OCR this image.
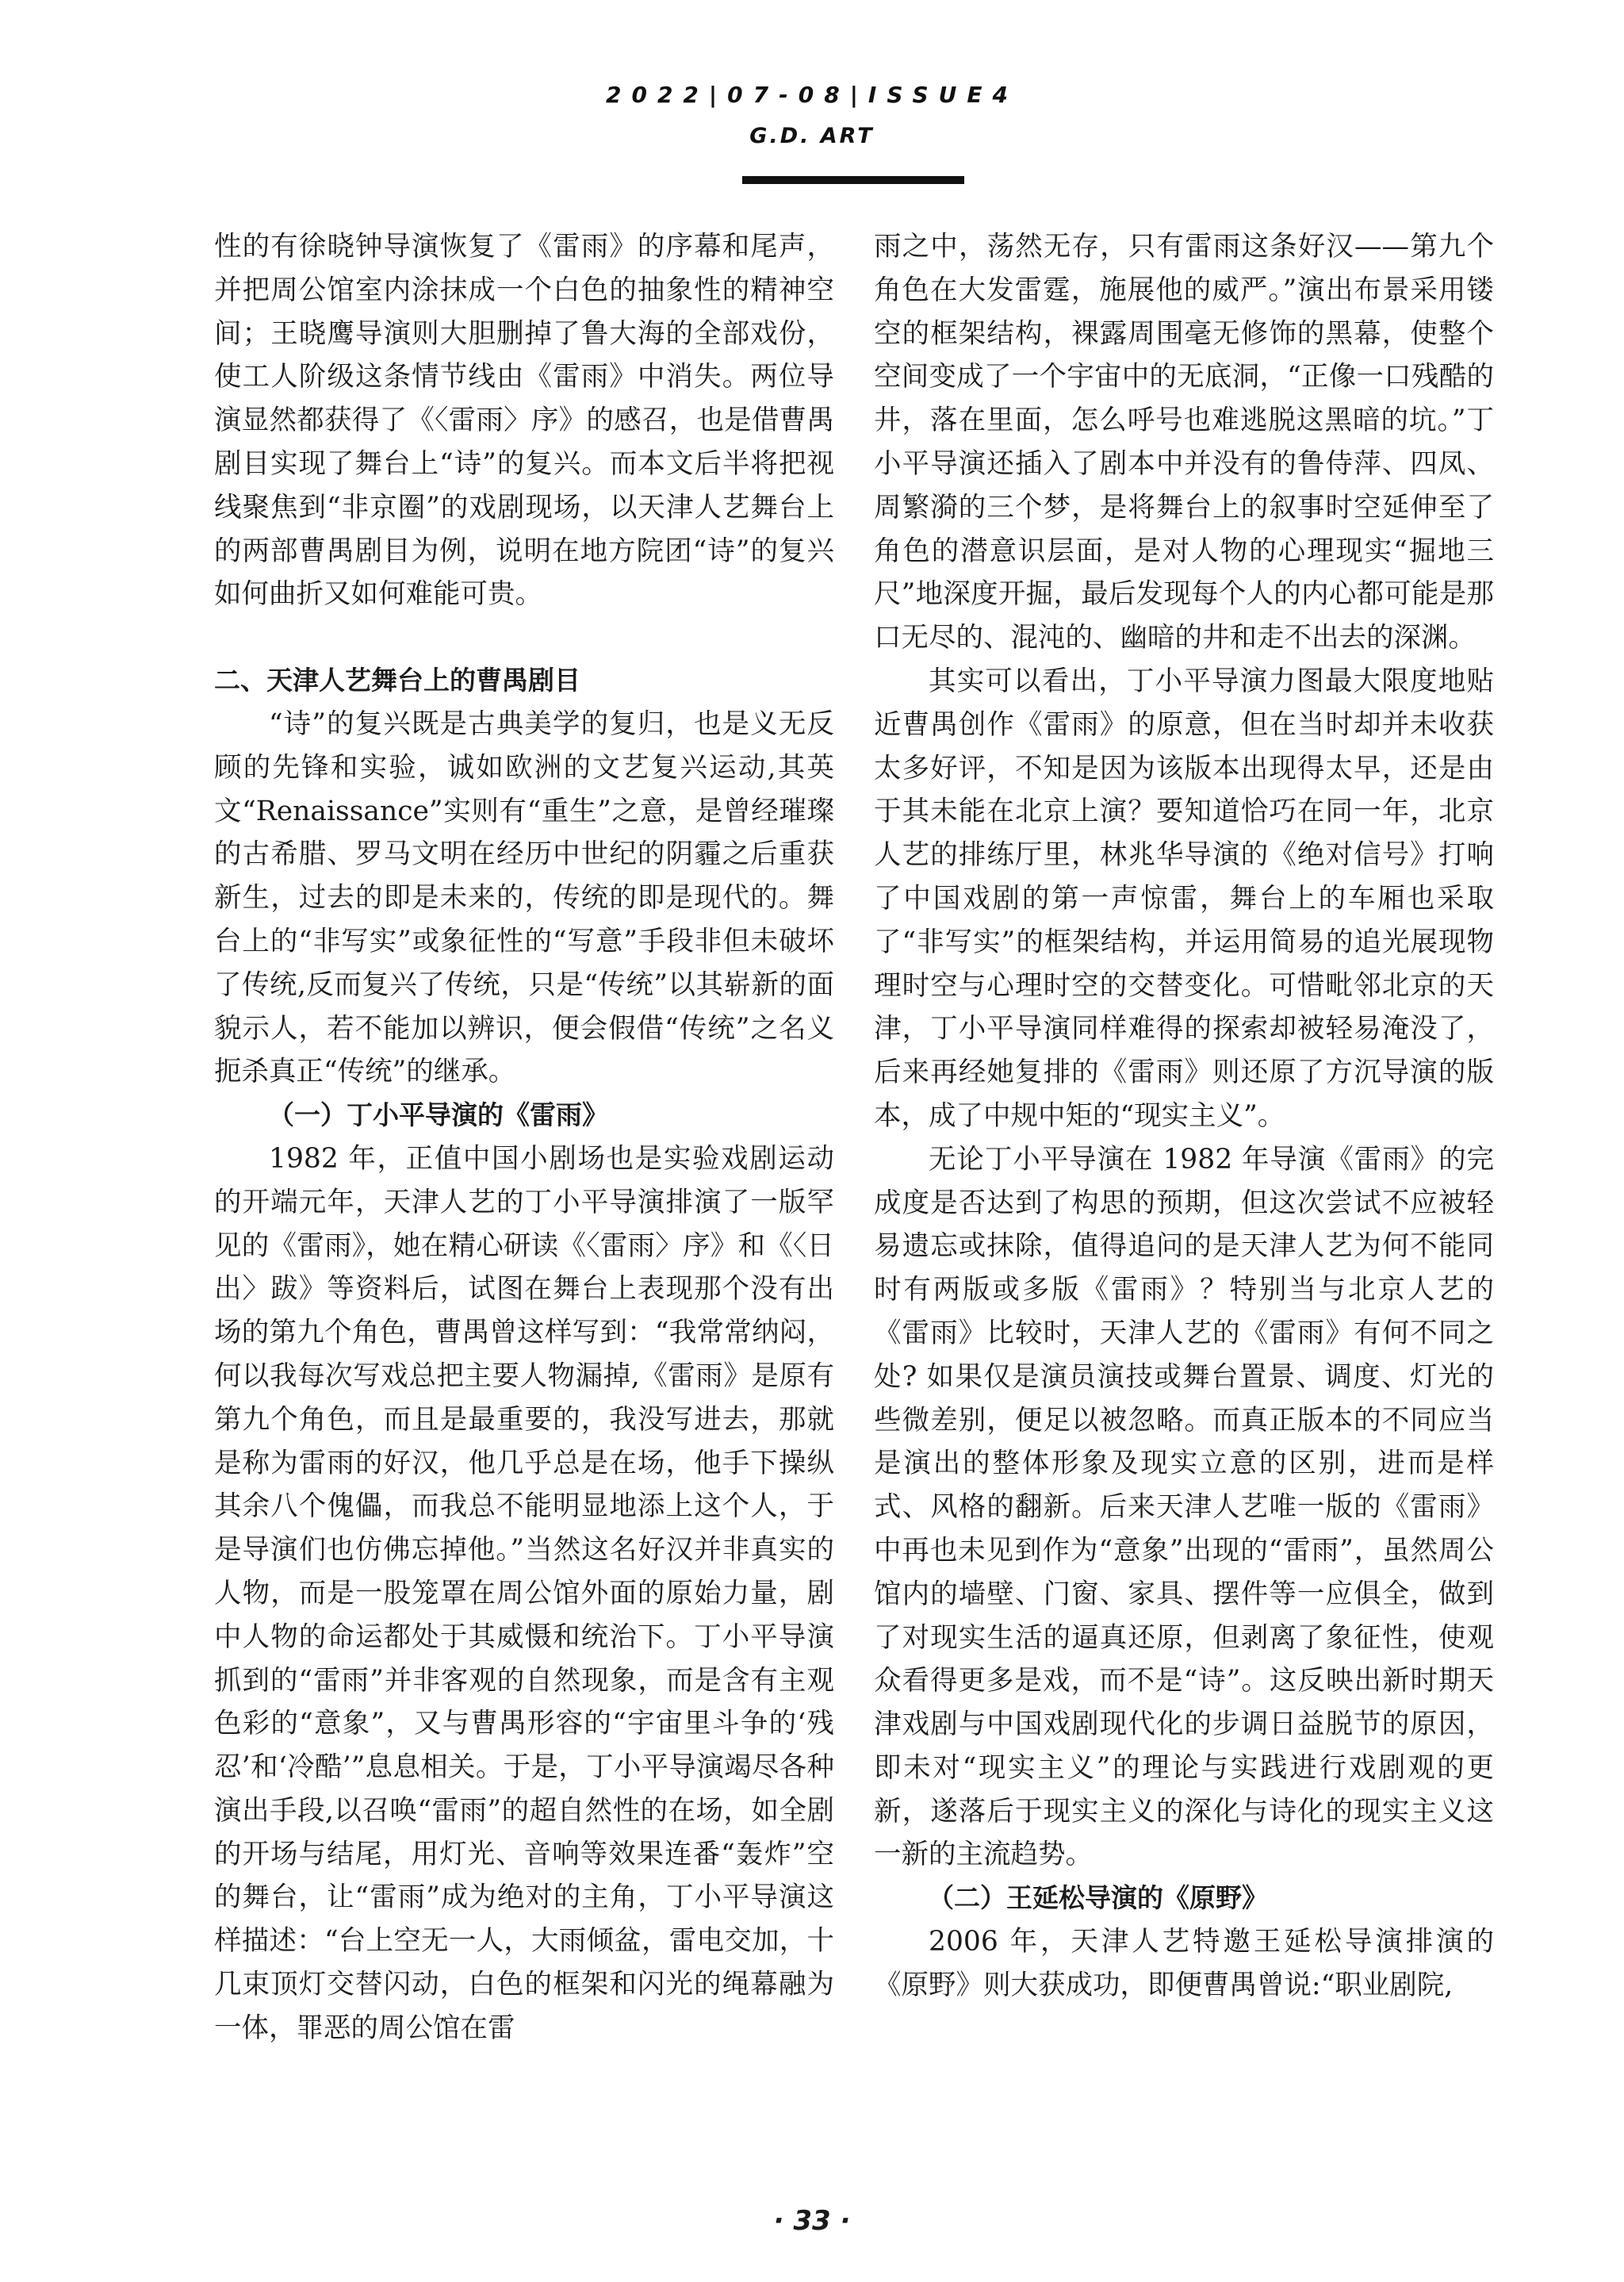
2022|07-08|ISSUE4
G.D. ART

性的有徐晓钟导演恢复了《雷雨》的序幕和尾声，并把周公馆室内涂抹成一个白色的抽象性的精神空间；王晓鹰导演则大胆删掉了鲁大海的全部戏份，使工人阶级这条情节线由《雷雨》中消失。两位导演显然都获得了《〈雷雨〉序》的感召，也是借曹禺剧目实现了舞台上“诗”的复兴。而本文后半将把视线聚焦到“非京圈”的戏剧现场，以天津人艺舞台上的两部曹禺剧目为例，说明在地方院团“诗”的复兴如何曲折又如何难能可贵。

二、天津人艺舞台上的曹禺剧目

“诗”的复兴既是古典美学的复归，也是义无反顾的先锋和实验，诚如欧洲的文艺复兴运动,其英文“Renaissance”实则有“重生”之意，是曾经璀璨的古希腊、罗马文明在经历中世纪的阴霾之后重获新生，过去的即是未来的，传统的即是现代的。舞台上的“非写实”或象征性的“写意”手段非但未破坏了传统,反而复兴了传统，只是“传统”以其崭新的面貌示人，若不能加以辨识，便会假借“传统”之名义扼杀真正“传统”的继承。

（一）丁小平导演的《雷雨》

1982 年，正值中国小剧场也是实验戏剧运动的开端元年，天津人艺的丁小平导演排演了一版罕见的《雷雨》，她在精心研读《〈雷雨〉序》和《〈日出〉跋》等资料后，试图在舞台上表现那个没有出场的第九个角色，曹禺曾这样写到：“我常常纳闷，何以我每次写戏总把主要人物漏掉,《雷雨》是原有第九个角色，而且是最重要的，我没写进去，那就是称为雷雨的好汉，他几乎总是在场，他手下操纵其余八个傀儡，而我总不能明显地添上这个人，于是导演们也仿佛忘掉他。”当然这名好汉并非真实的人物，而是一股笼罩在周公馆外面的原始力量，剧中人物的命运都处于其威慑和统治下。丁小平导演抓到的“雷雨”并非客观的自然现象，而是含有主观色彩的“意象”，又与曹禺形容的“宇宙里斗争的‘残忍’和‘冷酷’”息息相关。于是，丁小平导演竭尽各种演出手段,以召唤“雷雨”的超自然性的在场，如全剧的开场与结尾，用灯光、音响等效果连番“轰炸”空的舞台，让“雷雨”成为绝对的主角，丁小平导演这样描述：“台上空无一人，大雨倾盆，雷电交加，十几束顶灯交替闪动，白色的框架和闪光的绳幕融为一体，罪恶的周公馆在雷

雨之中，荡然无存，只有雷雨这条好汉——第九个角色在大发雷霆，施展他的威严。”演出布景采用镂空的框架结构，裸露周围毫无修饰的黑幕，使整个空间变成了一个宇宙中的无底洞，“正像一口残酷的井，落在里面，怎么呼号也难逃脱这黑暗的坑。”丁小平导演还插入了剧本中并没有的鲁侍萍、四凤、周繁漪的三个梦，是将舞台上的叙事时空延伸至了角色的潜意识层面，是对人物的心理现实“掘地三尺”地深度开掘，最后发现每个人的内心都可能是那口无尽的、混沌的、幽暗的井和走不出去的深渊。

其实可以看出，丁小平导演力图最大限度地贴近曹禺创作《雷雨》的原意，但在当时却并未收获太多好评，不知是因为该版本出现得太早，还是由于其未能在北京上演？要知道恰巧在同一年，北京人艺的排练厅里，林兆华导演的《绝对信号》打响了中国戏剧的第一声惊雷，舞台上的车厢也采取了“非写实”的框架结构，并运用简易的追光展现物理时空与心理时空的交替变化。可惜毗邻北京的天津，丁小平导演同样难得的探索却被轻易淹没了，后来再经她复排的《雷雨》则还原了方沉导演的版本，成了中规中矩的“现实主义”。

无论丁小平导演在 1982 年导演《雷雨》的完成度是否达到了构思的预期，但这次尝试不应被轻易遗忘或抹除，值得追问的是天津人艺为何不能同时有两版或多版《雷雨》？特别当与北京人艺的《雷雨》比较时，天津人艺的《雷雨》有何不同之处? 如果仅是演员演技或舞台置景、调度、灯光的些微差别，便足以被忽略。而真正版本的不同应当是演出的整体形象及现实立意的区别，进而是样式、风格的翻新。后来天津人艺唯一版的《雷雨》中再也未见到作为“意象”出现的“雷雨”，虽然周公馆内的墙壁、门窗、家具、摆件等一应俱全，做到了对现实生活的逼真还原，但剥离了象征性，使观众看得更多是戏，而不是“诗”。这反映出新时期天津戏剧与中国戏剧现代化的步调日益脱节的原因，即未对“现实主义”的理论与实践进行戏剧观的更新，遂落后于现实主义的深化与诗化的现实主义这一新的主流趋势。

（二）王延松导演的《原野》

2006 年，天津人艺特邀王延松导演排演的《原野》则大获成功，即便曹禺曾说:“职业剧院,

· 33 ·
